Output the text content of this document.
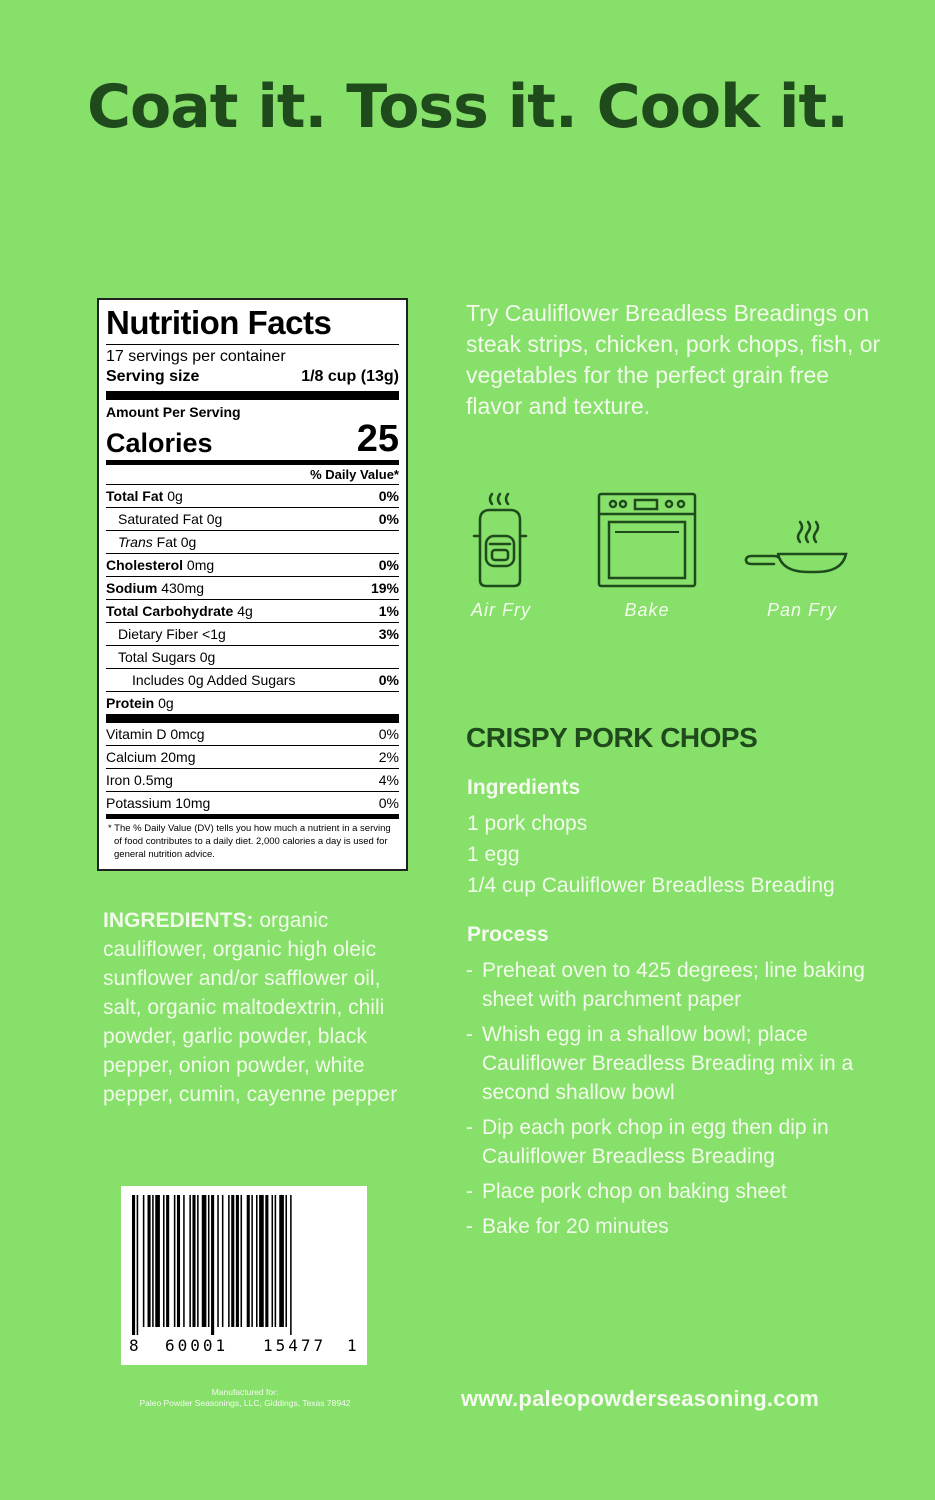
Coat it. Toss it. Cook it.
Nutrition Facts
17 servings per container
Serving size	1/8 cup (13g)
Amount Per Serving
Calories	25
% Daily Value*
Total Fat 0g	0%
Saturated Fat 0g	0%
Trans Fat 0g
Cholesterol 0mg	0%
Sodium 430mg	19%
Total Carbohydrate 4g	1%
Dietary Fiber <1g	3%
Total Sugars 0g
Includes 0g Added Sugars	0%
Protein 0g
Vitamin D 0mcg	0%
Calcium 20mg	2%
Iron 0.5mg	4%
Potassium 10mg	0%
* The % Daily Value (DV) tells you how much a nutrient in a serving of food contributes to a daily diet. 2,000 calories a day is used for general nutrition advice.
INGREDIENTS: organic cauliflower, organic high oleic sunflower and/or safflower oil, salt, organic maltodextrin, chili powder, garlic powder, black pepper, onion powder, white pepper, cumin, cayenne pepper
8 60001 15477 1
Manufactured for:
Paleo Powder Seasonings, LLC, Giddings, Texas 78942
Try Cauliflower Breadless Breadings on steak strips, chicken, pork chops, fish, or vegetables for the perfect grain free flavor and texture.
Air Fry	Bake	Pan Fry
CRISPY PORK CHOPS
Ingredients
1 pork chops
1 egg
1/4 cup Cauliflower Breadless Breading
Process
- Preheat oven to 425 degrees; line baking sheet with parchment paper
- Whish egg in a shallow bowl; place Cauliflower Breadless Breading mix in a second shallow bowl
- Dip each pork chop in egg then dip in Cauliflower Breadless Breading
- Place pork chop on baking sheet
- Bake for 20 minutes
www.paleopowderseasoning.com
